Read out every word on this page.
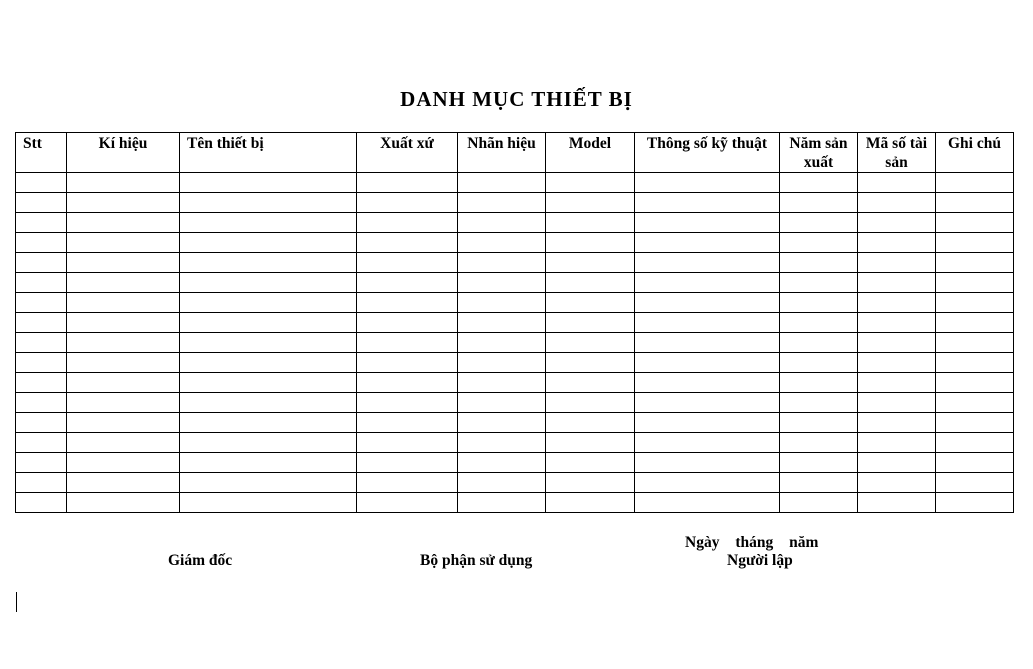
DANH MỤC THIẾT BỊ
Stt	Kí hiệu	Tên thiết bị	Xuất xứ	Nhãn hiệu	Model	Thông số kỹ thuật	Năm sản xuất	Mã số tài sản	Ghi chú

Giám đốc	Bộ phận sử dụng
Ngày tháng năm
Người lập
